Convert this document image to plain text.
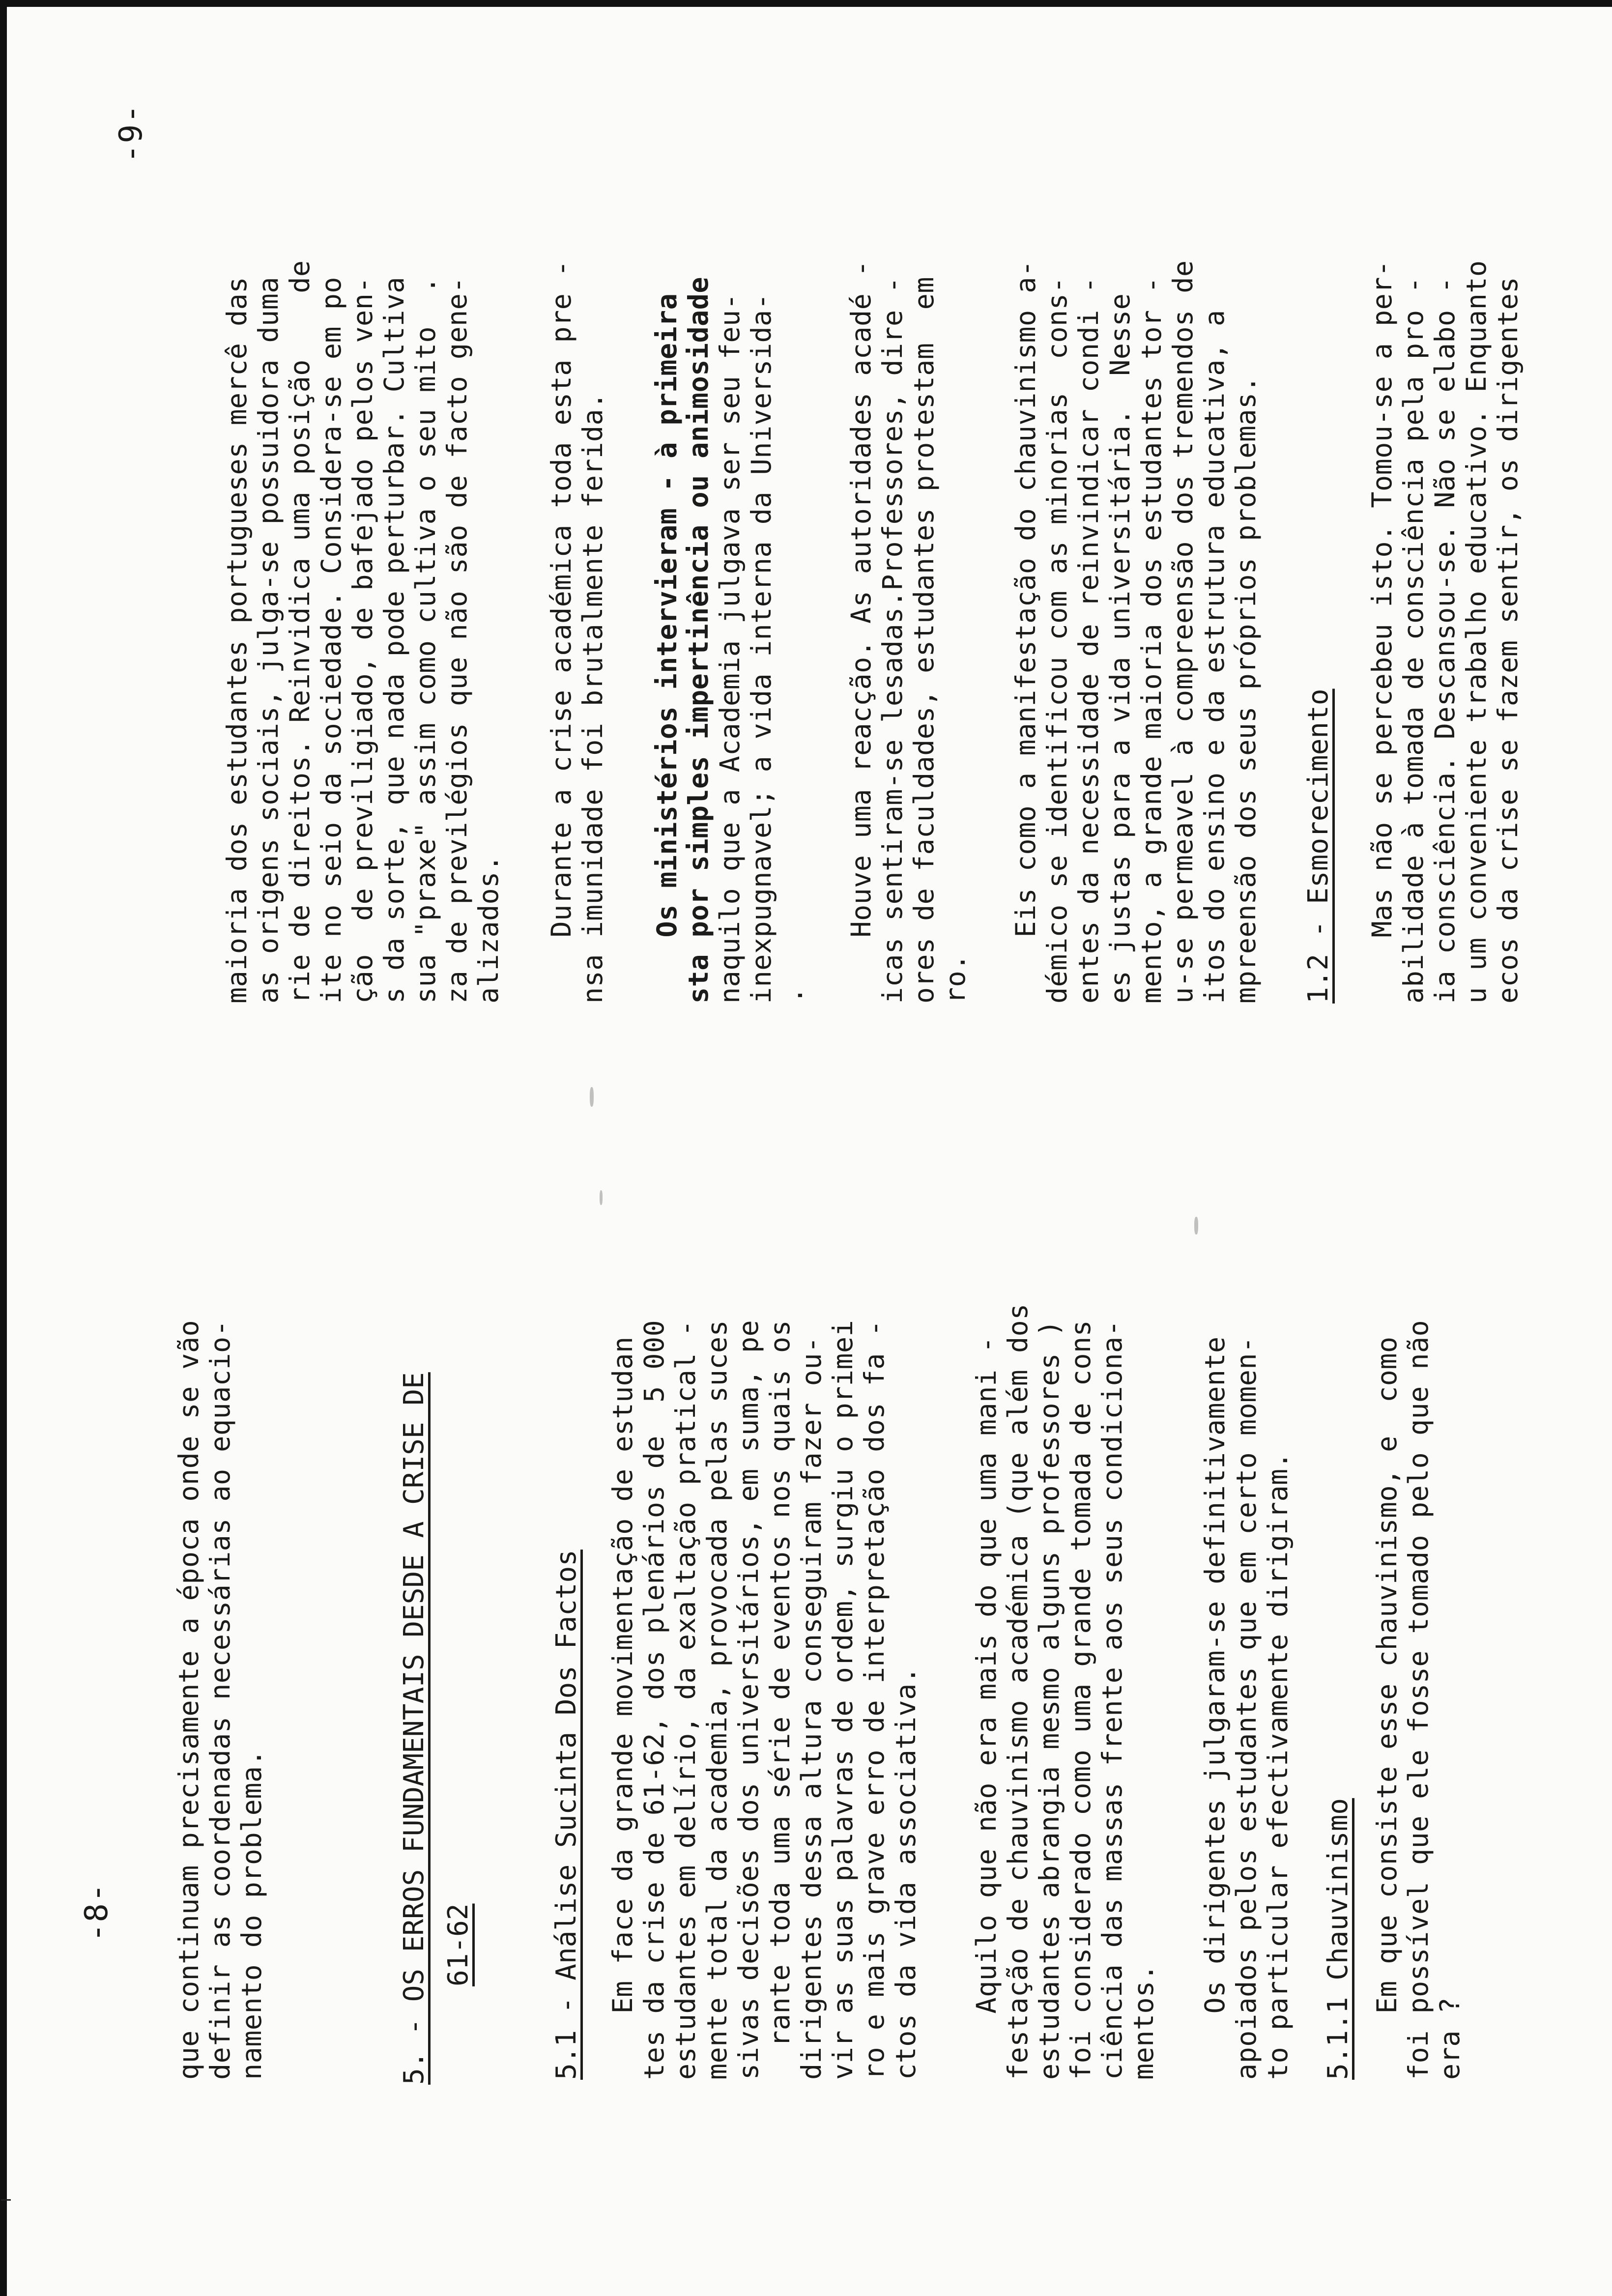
-8- que continuam precisamente a época onde se vão definir as coordenadas necessárias ao equacio- namento do problema.	5. - OS ERROS FUNDAMENTAIS DESDE A CRISE DE 61-62	5.1 - Análise Sucinta Dos Factos Em face da grande movimentação de estudan tes da crise de 61-62, dos plenários de  5 000 estudantes em delírio, da exaltação pratical - mente total da academia, provocada pelas suces sivas decisões dos universitários, em suma, pe rante toda uma série de eventos nos quais os dirigentes dessa altura conseguiram fazer ou- vir as suas palavras de ordem, surgiu o primei ro e mais grave erro de interpretação dos fa - ctos da vida associativa. Aquilo que não era mais do que uma mani - festação de chauvinismo académica (que além dos estudantes abrangia mesmo alguns professores ) foi considerado como uma grande tomada de cons ciência das massas frente aos seus condiciona- mentos. Os dirigentes julgaram-se definitivamente apoiados pelos estudantes que em certo momen- to particular efectivamente dirigiram. 5.1.1 Chauvinismo Em que consiste esse chauvinismo, e  como foi possível que ele fosse tomado pelo que não era ?
-9-
maioria dos estudantes portugueses mercê das as origens sociais, julga-se possuidora duma rie de direitos. Reinvidica uma posição    de ite no seio da sociedade. Considera-se em po ção  de previligiado, de bafejado pelos ven- s da sorte, que nada pode perturbar. Cultiva sua "praxe" assim como cultiva o seu mito  . za de previlégios que não são de facto gene- alizados. Durante a crise académica toda esta pre - nsa imunidade foi brutalmente ferida. Os ministérios intervieram - à primeira sta por simples impertinência ou animosidade naquilo que a Academia julgava ser seu feu- inexpugnavel; a vida interna da Universida- . Houve uma reacção. As autoridades acadé - icas sentiram-se lesadas.Professores, dire - ores de faculdades, estudantes protestam  em ro. Eis como a manifestação do chauvinismo a- démico se identificou com as minorias  cons- entes da necessidade de reinvindicar condi - es justas para a vida universitária.  Nesse mento, a grande maioria dos estudantes tor - u-se permeavel à compreensão dos tremendos de itos do ensino e da estrutura educativa, a mpreensão dos seus próprios problemas. 1.2 - Esmorecimento Mas não se percebeu isto. Tomou-se a per- abilidade à tomada de consciência pela pro - ia consciência. Descansou-se. Não se elabo - u um conveniente trabalho educativo. Enquanto ecos da crise se fazem sentir, os dirigentes
